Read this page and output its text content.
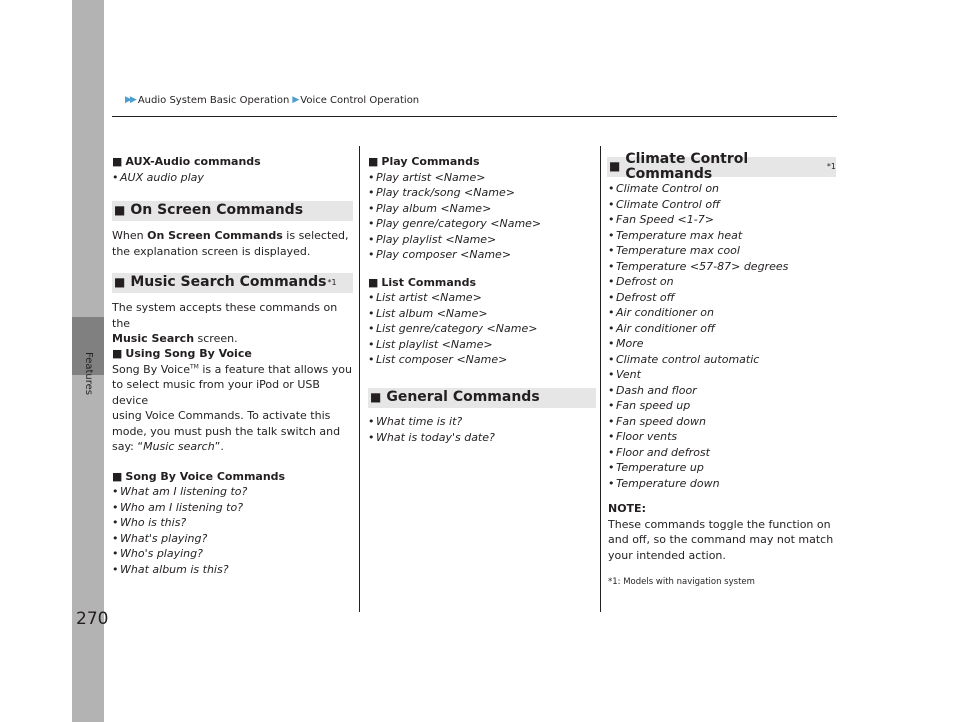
Features
▶▶ Audio System Basic Operation ▶ Voice Control Operation
■ AUX-Audio commands
• AUX audio play
■ Using Song By Voice

Song By Voice™ is a feature that allows you

to select music from your iPod or USB device

using Voice Commands. To activate this

mode, you must push the talk switch and

say: “Music search”.

■ Song By Voice Commands
• What am I listening to?
• Who am I listening to?
• Who is this?
• What's playing?
• Who's playing?
• What album is this?
■ On Screen Commands

When On Screen Commands is selected,

the explanation screen is displayed.

■ Music Search Commands *1

The system accepts these commands on the

Music Search screen.

■ Play Commands
• Play artist <Name>
• Play track/song <Name>
• Play album <Name>
• Play genre/category <Name>
• Play playlist <Name>
• Play composer <Name>
■ List Commands
• List artist <Name>
• List album <Name>
• List genre/category <Name>
• List playlist <Name>
• List composer <Name>
■ General Commands
• What time is it?
• What is today's date?
■ Climate Control Commands	*1
• Climate Control on
• Climate Control off
• Fan Speed <1-7>
• Temperature max heat
• Temperature max cool
• Temperature <57-87> degrees
• Defrost on
• Defrost off
• Air conditioner on
• Air conditioner off
• More
• Climate control automatic
• Vent
• Dash and floor
• Fan speed up
• Fan speed down
• Floor vents
• Floor and defrost
• Temperature up
• Temperature down

NOTE:

These commands toggle the function on

and off, so the command may not match

your intended action.

*1: Models with navigation system

270
